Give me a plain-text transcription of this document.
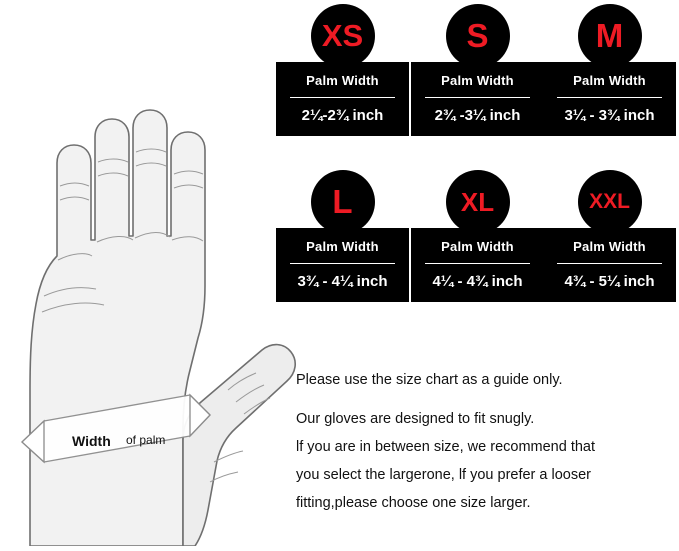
Width of palm
XS
Palm Width
2¼-2¾ inch
S
Palm Width
2¾ -3¼ inch
M
Palm Width
3¼ - 3¾ inch
L
Palm Width
3¾ - 4¼ inch
XL
Palm Width
4¼ - 4¾ inch
XXL
Palm Width
4¾ - 5¼ inch

Please use the size chart as a guide only.

Our gloves are designed to fit snugly.

lf you are in between size, we recommend that

you select the largerone, lf you prefer a looser

fitting,please choose one size larger.
